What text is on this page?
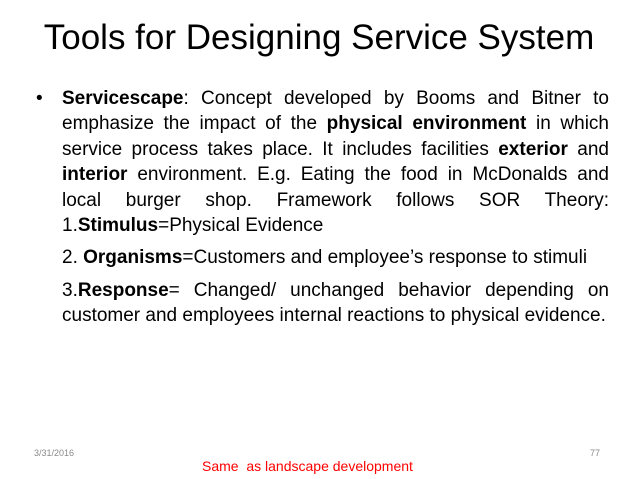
Tools for Designing Service System
• Servicescape: Concept developed by Booms and Bitner to emphasize the impact of the physical environment in which service process takes place. It includes facilities exterior and interior environment. E.g. Eating the food in McDonalds and local burger shop. Framework follows SOR Theory:
1.Stimulus=Physical Evidence
2. Organisms=Customers and employee’s response to stimuli
3.Response= Changed/ unchanged behavior depending on customer and employees internal reactions to physical evidence.
3/31/2016	77
Same  as landscape development
